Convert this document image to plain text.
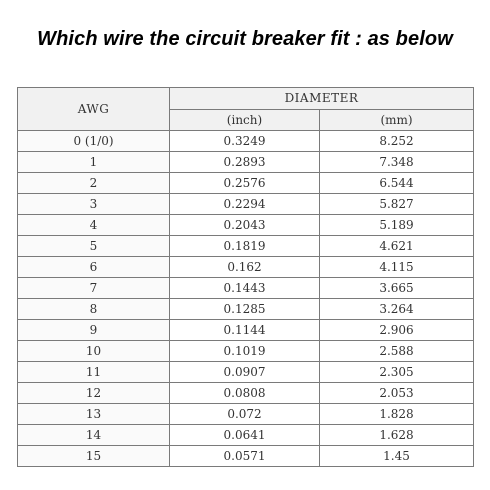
Which wire the circuit breaker fit : as below
AWG	DIAMETER	
	(inch)	(mm)
0 (1/0)	0.3249	8.252
1	0.2893	7.348
2	0.2576	6.544
3	0.2294	5.827
4	0.2043	5.189
5	0.1819	4.621
6	0.162	4.115
7	0.1443	3.665
8	0.1285	3.264
9	0.1144	2.906
10	0.1019	2.588
11	0.0907	2.305
12	0.0808	2.053
13	0.072	1.828
14	0.0641	1.628
15	0.0571	1.45
